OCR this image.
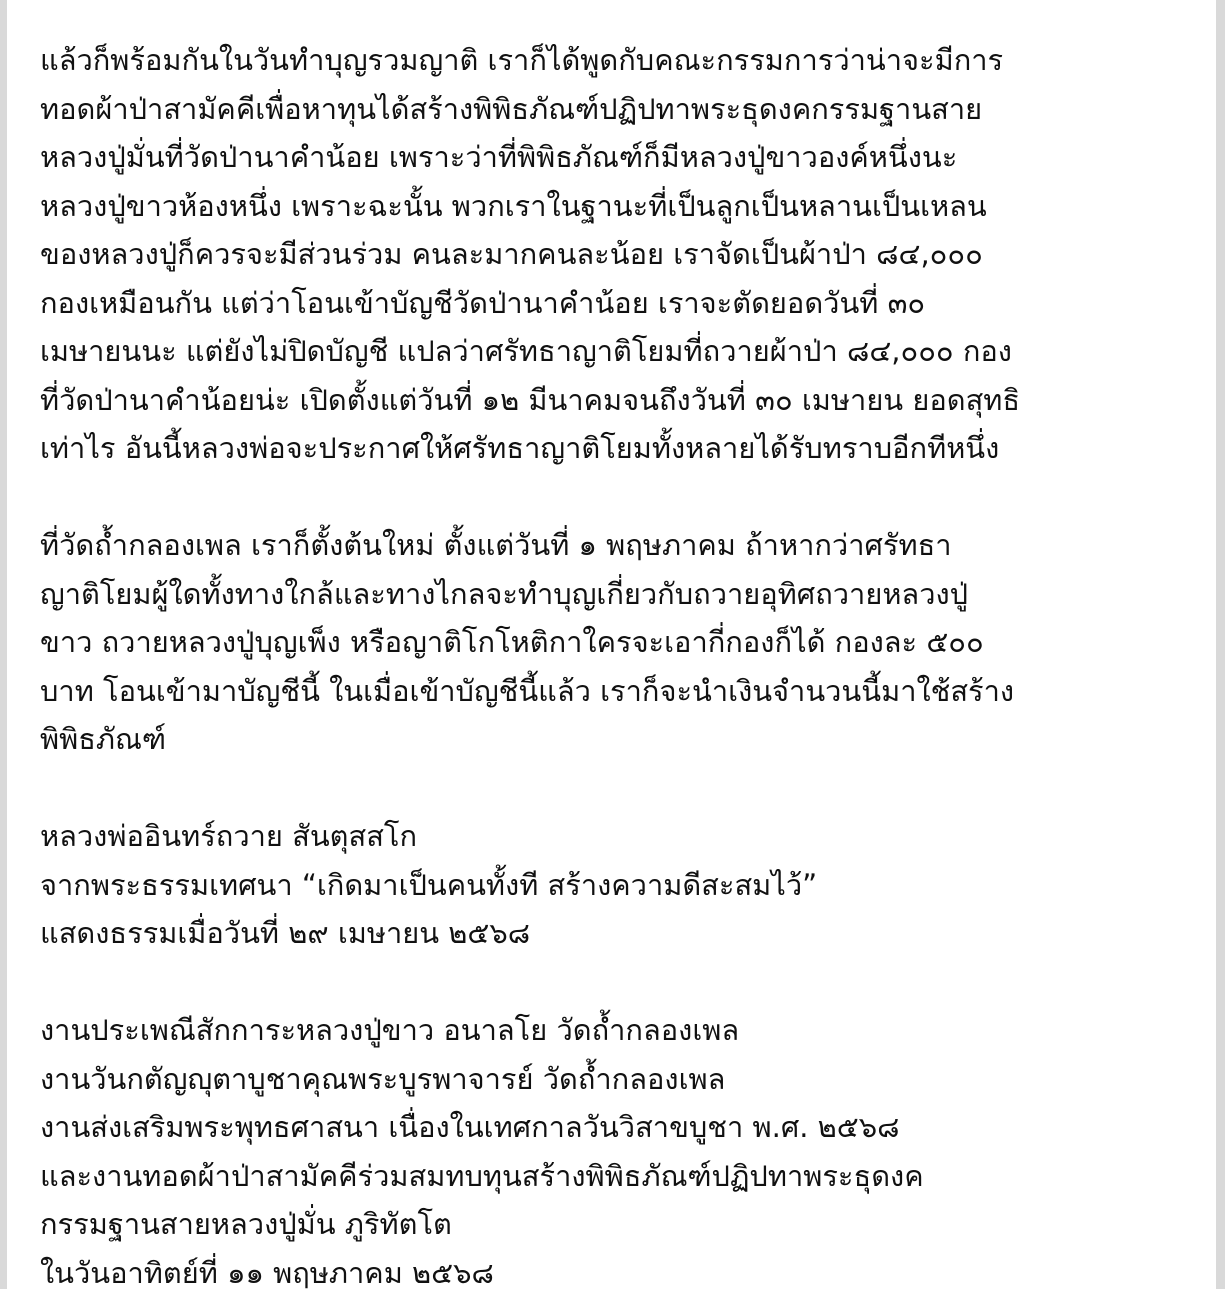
แล้วก็พร้อมกันในวันทำบุญรวมญาติ เราก็ได้พูดกับคณะกรรมการว่าน่าจะมีการ
ทอดผ้าป่าสามัคคีเพื่อหาทุนได้สร้างพิพิธภัณฑ์ปฏิปทาพระธุดงคกรรมฐานสาย
หลวงปู่มั่นที่วัดป่านาคำน้อย เพราะว่าที่พิพิธภัณฑ์ก็มีหลวงปู่ขาวองค์หนึ่งนะ
หลวงปู่ขาวห้องหนึ่ง เพราะฉะนั้น พวกเราในฐานะที่เป็นลูกเป็นหลานเป็นเหลน
ของหลวงปู่ก็ควรจะมีส่วนร่วม คนละมากคนละน้อย เราจัดเป็นผ้าป่า ๘๔,๐๐๐
กองเหมือนกัน แต่ว่าโอนเข้าบัญชีวัดป่านาคำน้อย เราจะตัดยอดวันที่ ๓๐
เมษายนนะ แต่ยังไม่ปิดบัญชี แปลว่าศรัทธาญาติโยมที่ถวายผ้าป่า ๘๔,๐๐๐ กอง
ที่วัดป่านาคำน้อยน่ะ เปิดตั้งแต่วันที่ ๑๒ มีนาคมจนถึงวันที่ ๓๐ เมษายน ยอดสุทธิ
เท่าไร อันนี้หลวงพ่อจะประกาศให้ศรัทธาญาติโยมทั้งหลายได้รับทราบอีกทีหนึ่ง

ที่วัดถ้ำกลองเพล เราก็ตั้งต้นใหม่ ตั้งแต่วันที่ ๑ พฤษภาคม ถ้าหากว่าศรัทธา
ญาติโยมผู้ใดทั้งทางใกล้และทางไกลจะทำบุญเกี่ยวกับถวายอุทิศถวายหลวงปู่
ขาว ถวายหลวงปู่บุญเพ็ง หรือญาติโกโหติกาใครจะเอากี่กองก็ได้ กองละ ๕๐๐
บาท โอนเข้ามาบัญชีนี้ ในเมื่อเข้าบัญชีนี้แล้ว เราก็จะนำเงินจำนวนนี้มาใช้สร้าง
พิพิธภัณฑ์

หลวงพ่ออินทร์ถวาย สันตุสสโก
จากพระธรรมเทศนา “เกิดมาเป็นคนทั้งที สร้างความดีสะสมไว้”
แสดงธรรมเมื่อวันที่ ๒๙ เมษายน ๒๕๖๘

งานประเพณีสักการะหลวงปู่ขาว อนาลโย วัดถ้ำกลองเพล
งานวันกตัญญุตาบูชาคุณพระบูรพาจารย์ วัดถ้ำกลองเพล
งานส่งเสริมพระพุทธศาสนา เนื่องในเทศกาลวันวิสาขบูชา พ.ศ. ๒๕๖๘
และงานทอดผ้าป่าสามัคคีร่วมสมทบทุนสร้างพิพิธภัณฑ์ปฏิปทาพระธุดงค
กรรมฐานสายหลวงปู่มั่น ภูริทัตโต
ในวันอาทิตย์ที่ ๑๑ พฤษภาคม ๒๕๖๘
